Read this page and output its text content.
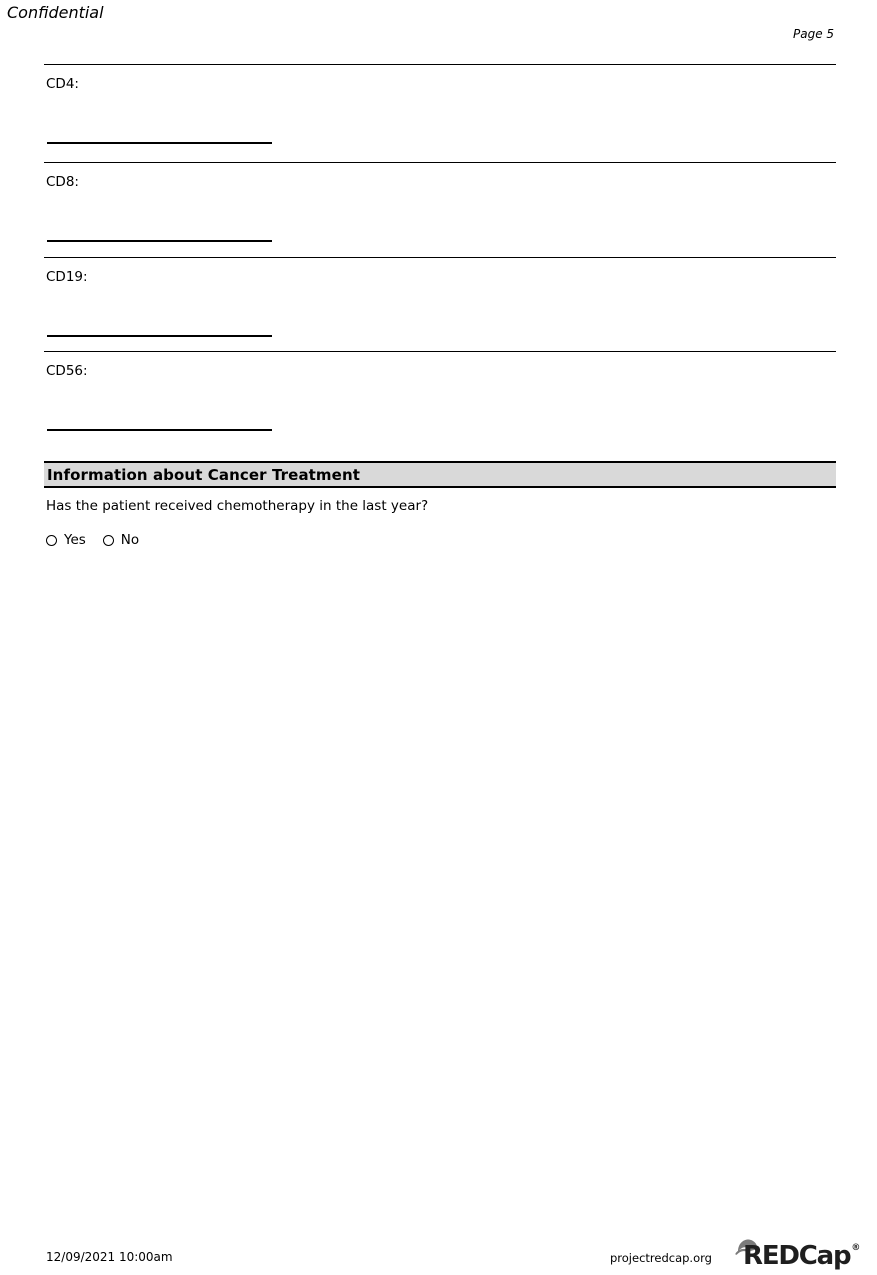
Confidential
Page 5
CD4:
CD8:
CD19:
CD56:
Information about Cancer Treatment
Has the patient received chemotherapy in the last year?
Yes	No
12/09/2021 10:00am	projectredcap.org REDCap®
